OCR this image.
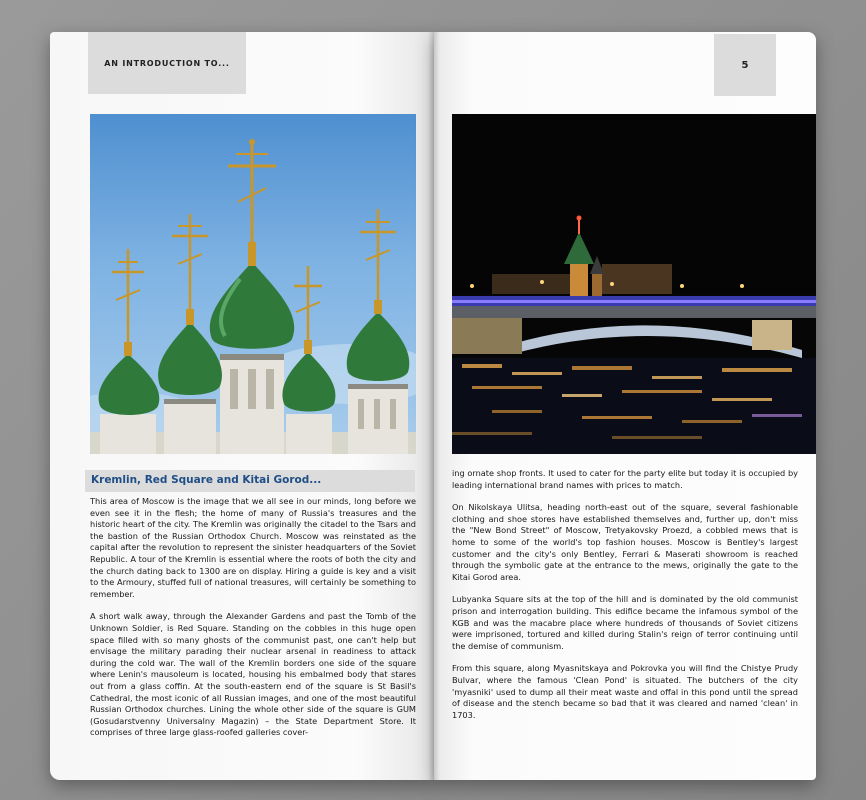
AN INTRODUCTION TO...
Kremlin, Red Square and Kitai Gorod...

This area of Moscow is the image that we all see in our minds, long before we even see it in the flesh; the home of many of Russia's treasures and the historic heart of the city. The Kremlin was originally the citadel to the Tsars and the bastion of the Russian Orthodox Church. Moscow was reinstated as the capital after the revolution to represent the sinister headquarters of the Soviet Republic. A tour of the Kremlin is essential where the roots of both the city and the church dating back to 1300 are on display. Hiring a guide is key and a visit to the Armoury, stuffed full of national treasures, will certainly be something to remember.

A short walk away, through the Alexander Gardens and past the Tomb of the Unknown Soldier, is Red Square. Standing on the cobbles in this huge open space filled with so many ghosts of the communist past, one can't help but envisage the military parading their nuclear arsenal in readiness to attack during the cold war. The wall of the Kremlin borders one side of the square where Lenin's mausoleum is located, housing his embalmed body that stares out from a glass coffin. At the south-eastern end of the square is St Basil's Cathedral, the most iconic of all Russian images, and one of the most beautiful Russian Orthodox churches. Lining the whole other side of the square is GUM (Gosudarstvenny Universalny Magazin) – the State Department Store. It comprises of three large glass-roofed galleries cover-

5

ing ornate shop fronts. It used to cater for the party elite but today it is occupied by leading international brand names with prices to match.

On Nikolskaya Ulitsa, heading north-east out of the square, several fashionable clothing and shoe stores have established themselves and, further up, don't miss the "New Bond Street" of Moscow, Tretyakovsky Proezd, a cobbled mews that is home to some of the world's top fashion houses. Moscow is Bentley's largest customer and the city's only Bentley, Ferrari & Maserati showroom is reached through the symbolic gate at the entrance to the mews, originally the gate to the Kitai Gorod area.

Lubyanka Square sits at the top of the hill and is dominated by the old communist prison and interrogation building. This edifice became the infamous symbol of the KGB and was the macabre place where hundreds of thousands of Soviet citizens were imprisoned, tortured and killed during Stalin's reign of terror continuing until the demise of communism.

From this square, along Myasnitskaya and Pokrovka you will find the Chistye Prudy Bulvar, where the famous 'Clean Pond' is situated. The butchers of the city 'myasniki' used to dump all their meat waste and offal in this pond until the spread of disease and the stench became so bad that it was cleared and named 'clean' in 1703.
